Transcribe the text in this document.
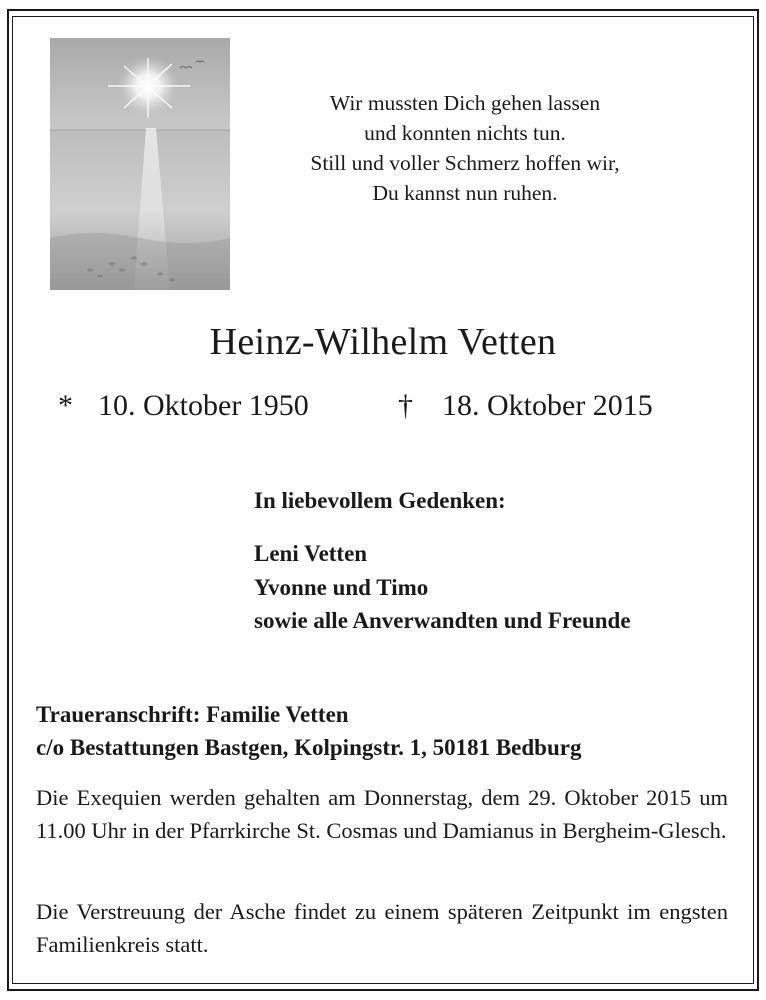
Wir mussten Dich gehen lassen
und konnten nichts tun.
Still und voller Schmerz hoffen wir,
Du kannst nun ruhen.
Heinz-Wilhelm Vetten
* 10. Oktober 1950	† 18. Oktober 2015
In liebevollem Gedenken:
Leni Vetten
Yvonne und Timo
sowie alle Anverwandten und Freunde
Traueranschrift: Familie Vetten
c/o Bestattungen Bastgen, Kolpingstr. 1, 50181 Bedburg
Die Exequien werden gehalten am Donnerstag, dem 29. Oktober 2015 um 11.00 Uhr in der Pfarrkirche St. Cosmas und Damianus in Bergheim-Glesch.
Die Verstreuung der Asche findet zu einem späteren Zeitpunkt im engsten Familienkreis statt.
